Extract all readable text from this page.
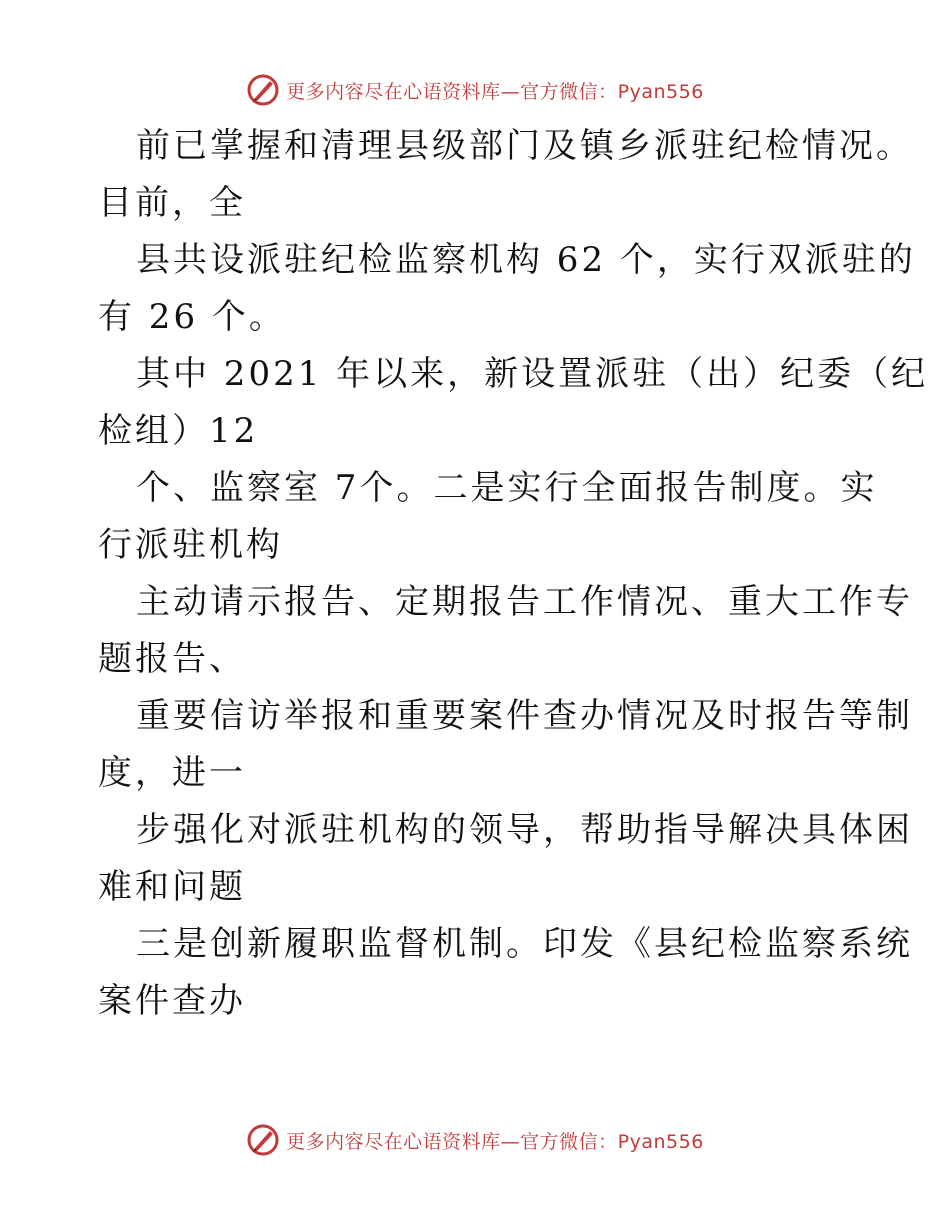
更多内容尽在心语资料库—官方微信：Pyan556

前已掌握和清理县级部门及镇乡派驻纪检情况。
目前，全

县共设派驻纪检监察机构 62 个，实行双派驻的
有 26 个。

其中 2021 年以来，新设置派驻（出）纪委（纪
检组）12

个、监察室 7个。二是实行全面报告制度。实
行派驻机构

主动请示报告、定期报告工作情况、重大工作专
题报告、

重要信访举报和重要案件查办情况及时报告等制
度，进一

步强化对派驻机构的领导，帮助指导解决具体困
难和问题

三是创新履职监督机制。印发《县纪检监察系统
案件查办

更多内容尽在心语资料库—官方微信：Pyan556
